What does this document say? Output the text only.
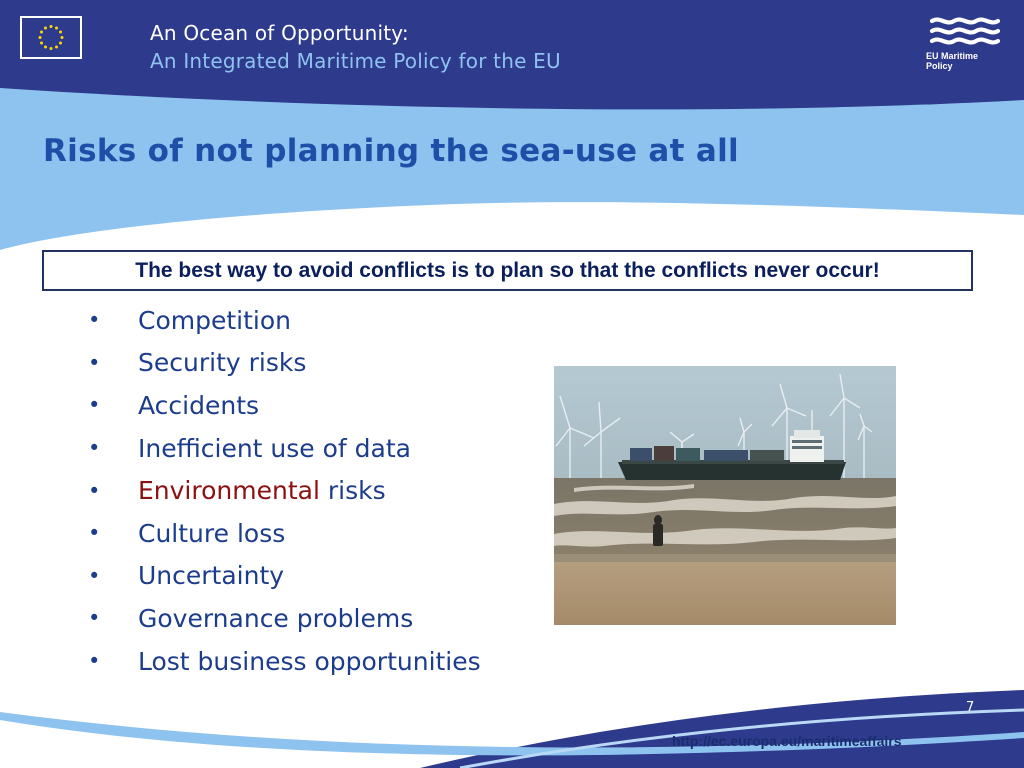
An Ocean of Opportunity:
An Integrated Maritime Policy for the EU	EU Maritime Policy
Risks of not planning the sea-use at all
The best way to avoid conflicts is to plan so that the conflicts never occur!
•	Competition
•	Security risks
•	Accidents
•	Inefficient use of data
•	Environmental
risks
•	Culture loss
•	Uncertainty
•	Governance problems
•	Lost business opportunities
7
http://ec.europa.eu/maritimeaffairs
